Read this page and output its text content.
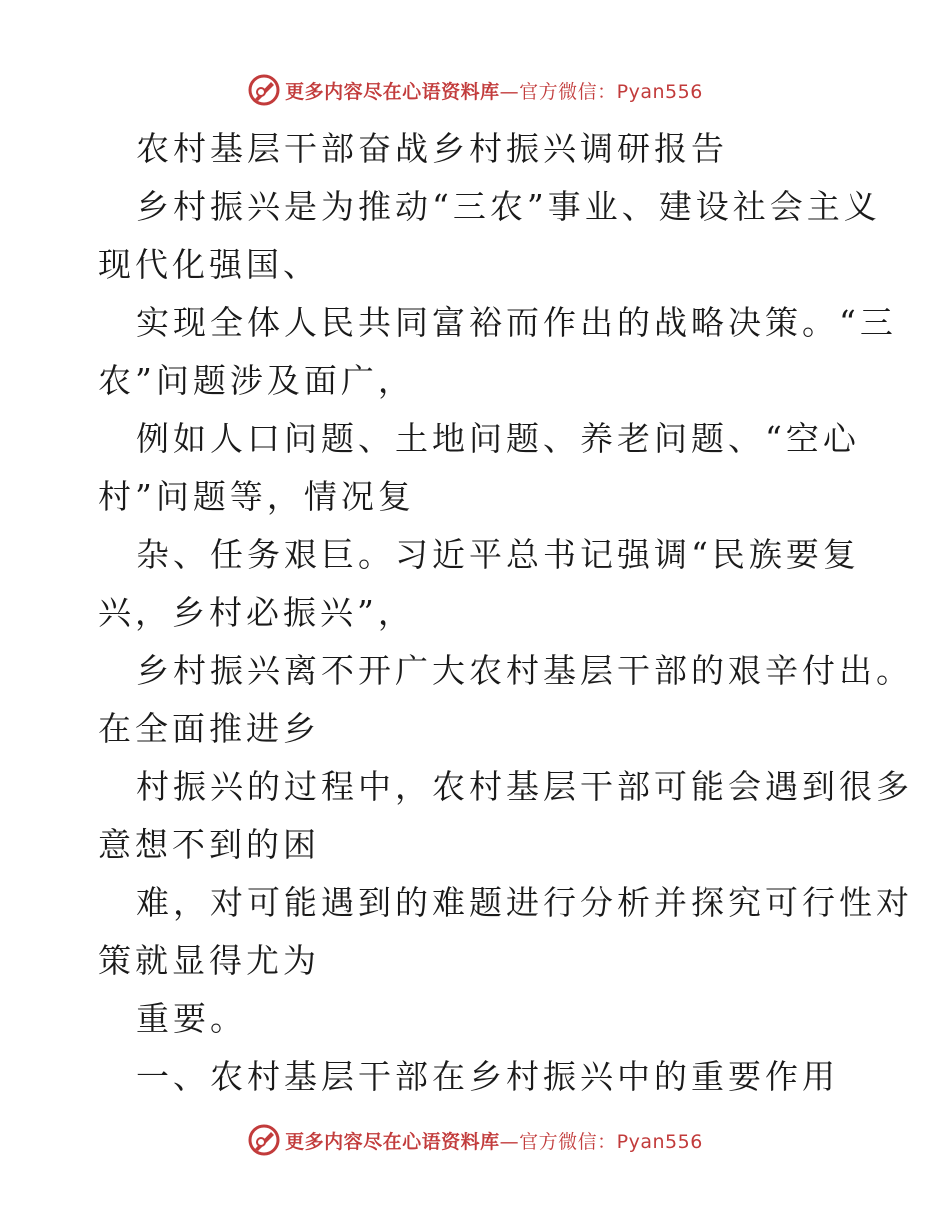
更多内容尽在心语资料库—官方微信：Pyan556
农村基层干部奋战乡村振兴调研报告
乡村振兴是为推动“三农”事业、建设社会主义
现代化强国、
实现全体人民共同富裕而作出的战略决策。“三
农”问题涉及面广，
例如人口问题、土地问题、养老问题、“空心
村”问题等，情况复
杂、任务艰巨。习近平总书记强调“民族要复
兴，乡村必振兴”，
乡村振兴离不开广大农村基层干部的艰辛付出。
在全面推进乡
村振兴的过程中，农村基层干部可能会遇到很多
意想不到的困
难，对可能遇到的难题进行分析并探究可行性对
策就显得尤为
重要。
一、农村基层干部在乡村振兴中的重要作用
更多内容尽在心语资料库—官方微信：Pyan556
